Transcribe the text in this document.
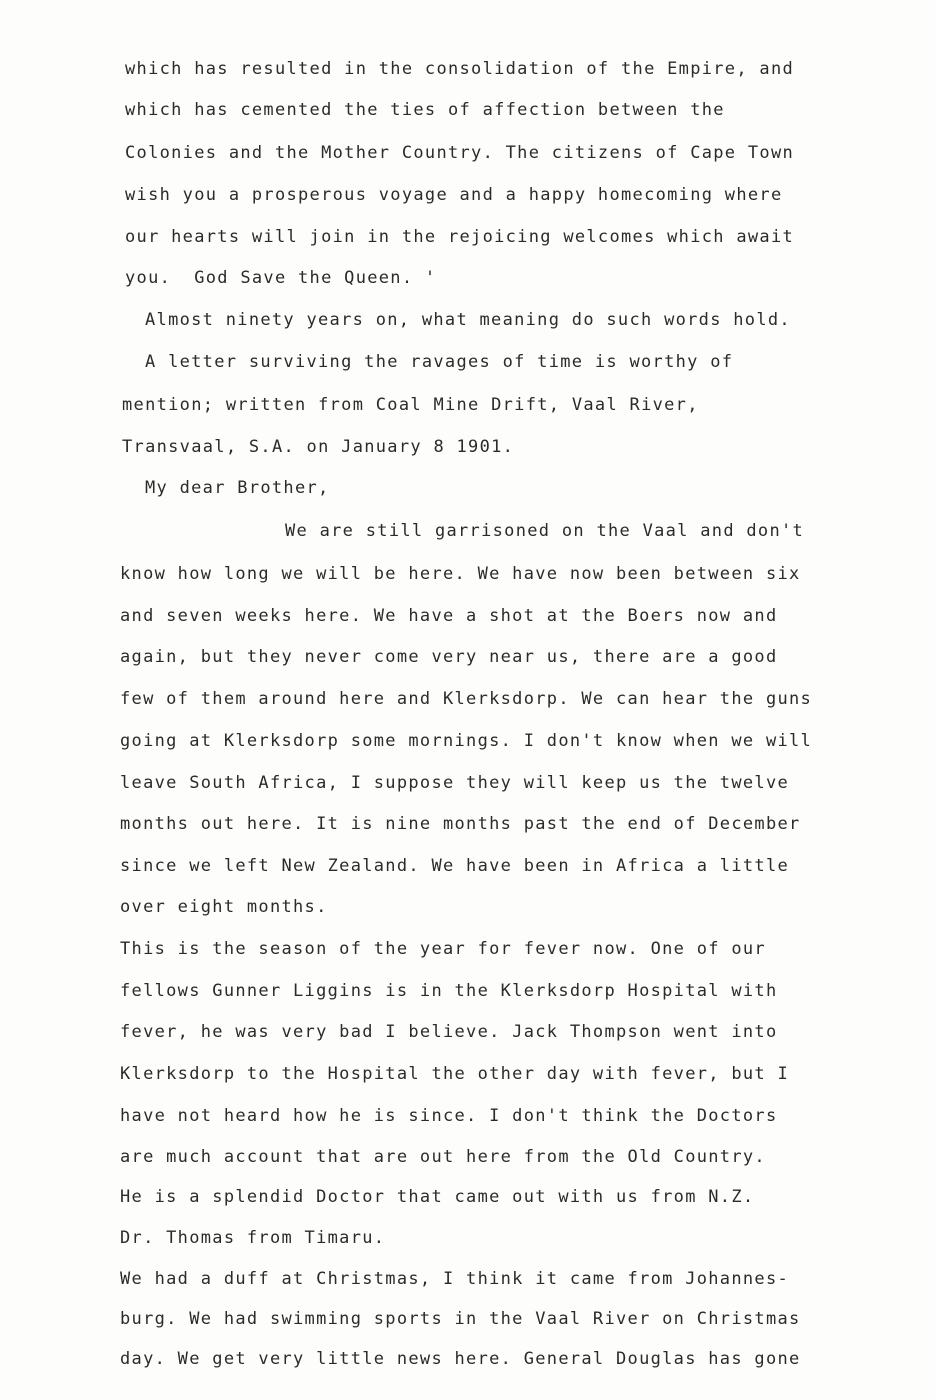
which has resulted in the consolidation of the Empire, and

which has cemented the ties of affection between the

Colonies and the Mother Country. The citizens of Cape Town

wish you a prosperous voyage and a happy homecoming where

our hearts will join in the rejoicing welcomes which await

you.  God Save the Queen. '

Almost ninety years on, what meaning do such words hold.

A letter surviving the ravages of time is worthy of

mention; written from Coal Mine Drift, Vaal River,

Transvaal, S.A. on January 8 1901.

My dear Brother,

We are still garrisoned on the Vaal and don't

know how long we will be here. We have now been between six

and seven weeks here. We have a shot at the Boers now and

again, but they never come very near us, there are a good

few of them around here and Klerksdorp. We can hear the guns

going at Klerksdorp some mornings. I don't know when we will

leave South Africa, I suppose they will keep us the twelve

months out here. It is nine months past the end of December

since we left New Zealand. We have been in Africa a little

over eight months.

This is the season of the year for fever now. One of our

fellows Gunner Liggins is in the Klerksdorp Hospital with

fever, he was very bad I believe. Jack Thompson went into

Klerksdorp to the Hospital the other day with fever, but I

have not heard how he is since. I don't think the Doctors

are much account that are out here from the Old Country.

He is a splendid Doctor that came out with us from N.Z.

Dr. Thomas from Timaru.

We had a duff at Christmas, I think it came from Johannes-

burg. We had swimming sports in the Vaal River on Christmas

day. We get very little news here. General Douglas has gone
